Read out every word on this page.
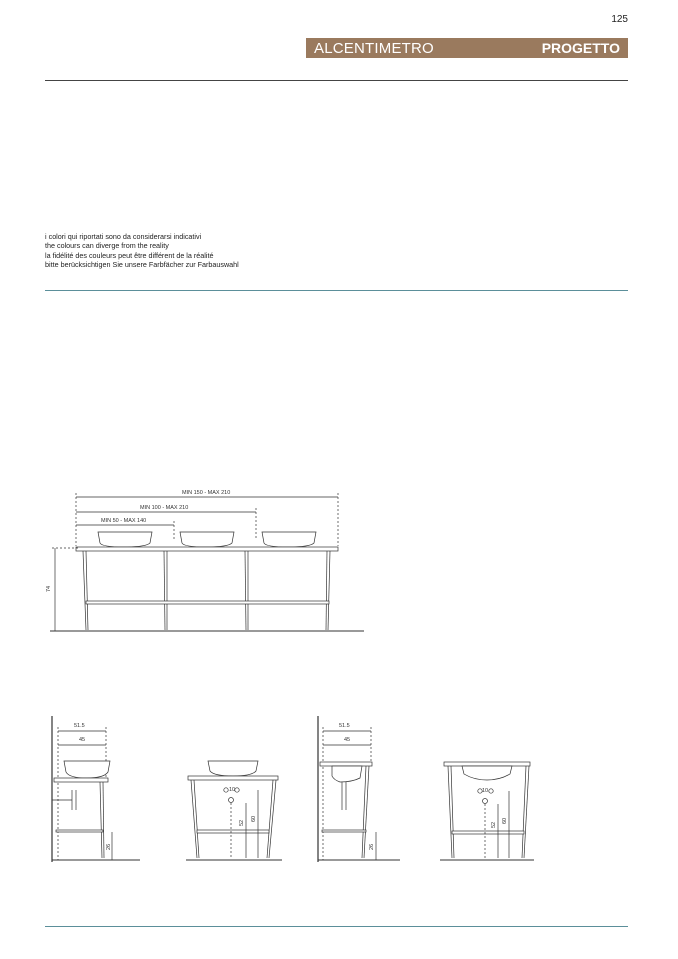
125
ALCENTIMETRO	PROGETTO
i colori qui riportati sono da considerarsi indicativi
the colours can diverge from the reality
la fidélité des couleurs peut être différent de la réalité
bitte berücksichtigen Sie unsere Farbfächer zur Farbauswahl
MIN 150 - MAX 210
MIN 100 - MAX 210
MIN 50 - MAX 140
74
51.5
45
26
10
52
60
51.5
45
26
10
52
60
